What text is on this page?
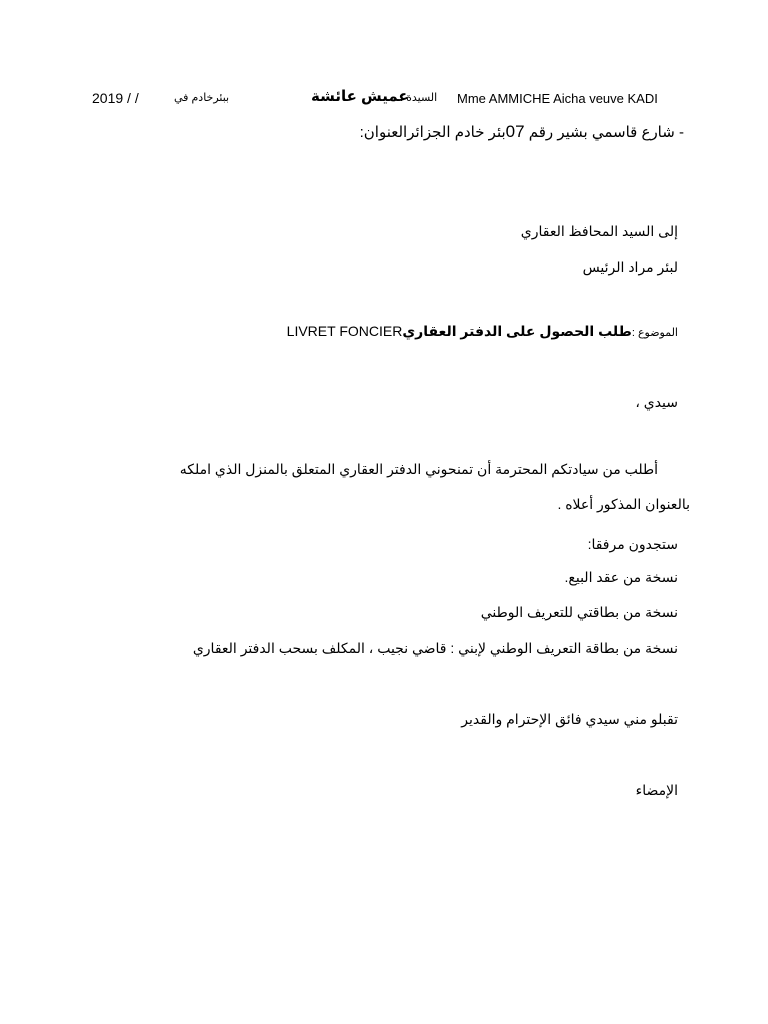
2019 / /	ببئرخادم في	عميش عائشة
السيدة : Mme AMMICHE Aicha veuve KADI
- شارع قاسمي بشير رقم 07بئر خادم الجزائرالعنوان:
إلى السيد المحافظ العقاري
لبئر مراد الرئيس
الموضوع :طلب الحصول على الدفتر العقاريLIVRET FONCIER
سيدي ،
أطلب من سيادتكم المحترمة أن تمنحوني الدفتر العقاري المتعلق بالمنزل الذي املكه
بالعنوان المذكور أعلاه .
ستجدون مرفقا:
نسخة من عقد البيع.
نسخة من بطاقتي للتعريف الوطني
نسخة من بطاقة التعريف الوطني لإبني : قاضي نجيب ، المكلف بسحب الدفتر العقاري
تقبلو مني سيدي فائق الإحترام والقدير
الإمضاء
